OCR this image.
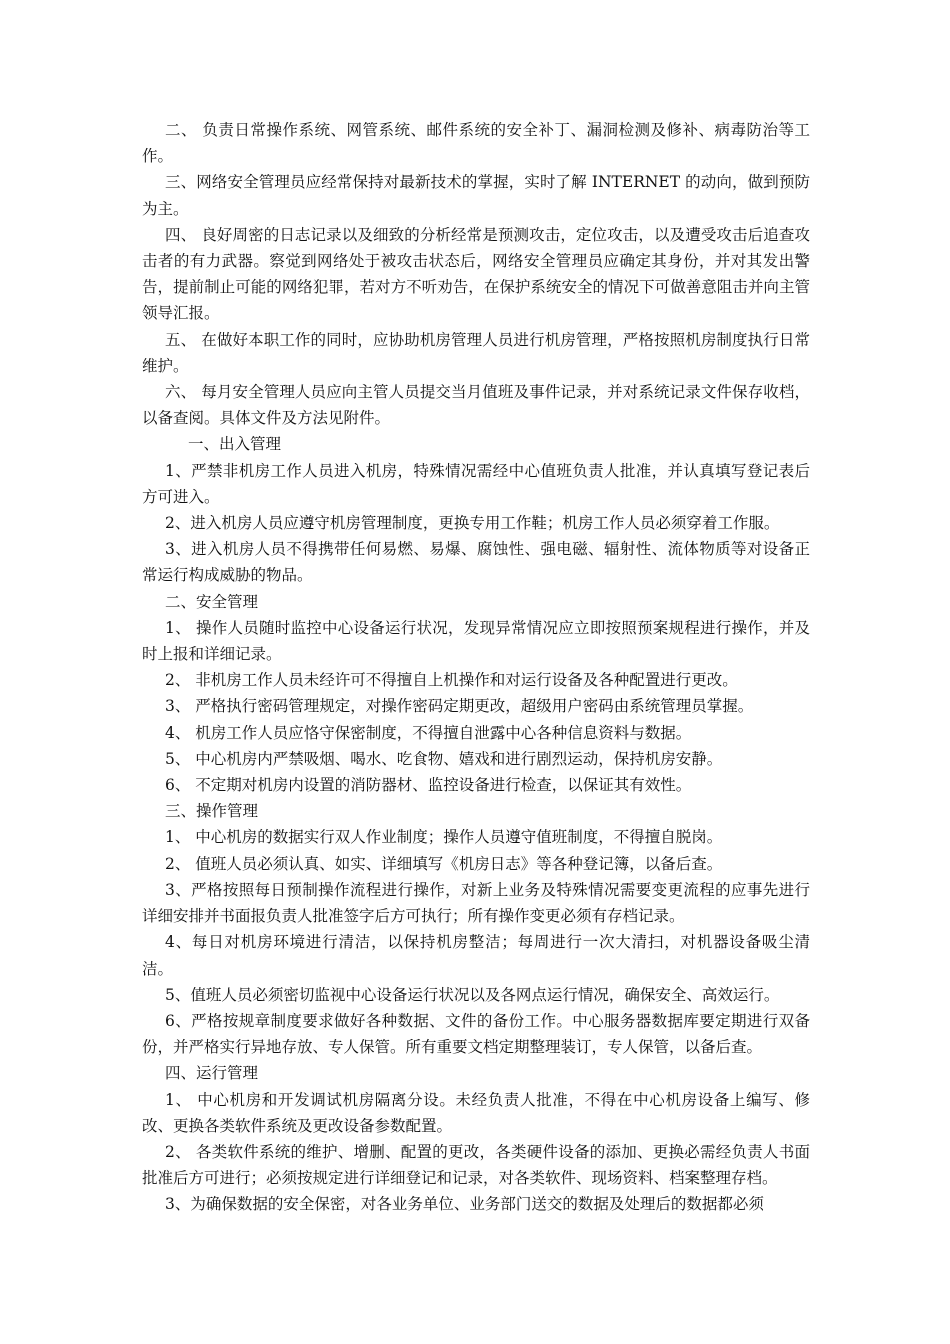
二、 负责日常操作系统、网管系统、邮件系统的安全补丁、漏洞检测及修补、病毒防治等工作。

三、网络安全管理员应经常保持对最新技术的掌握，实时了解 INTERNET 的动向，做到预防为主。

四、 良好周密的日志记录以及细致的分析经常是预测攻击，定位攻击，以及遭受攻击后追查攻击者的有力武器。察觉到网络处于被攻击状态后，网络安全管理员应确定其身份，并对其发出警告，提前制止可能的网络犯罪，若对方不听劝告，在保护系统安全的情况下可做善意阻击并向主管领导汇报。

五、 在做好本职工作的同时，应协助机房管理人员进行机房管理，严格按照机房制度执行日常维护。

六、 每月安全管理人员应向主管人员提交当月值班及事件记录，并对系统记录文件保存收档，以备查阅。具体文件及方法见附件。

一、出入管理

1、严禁非机房工作人员进入机房，特殊情况需经中心值班负责人批准，并认真填写登记表后方可进入。

2、进入机房人员应遵守机房管理制度，更换专用工作鞋；机房工作人员必须穿着工作服。

3、进入机房人员不得携带任何易燃、易爆、腐蚀性、强电磁、辐射性、流体物质等对设备正常运行构成威胁的物品。

二、安全管理

1、 操作人员随时监控中心设备运行状况，发现异常情况应立即按照预案规程进行操作，并及时上报和详细记录。

2、 非机房工作人员未经许可不得擅自上机操作和对运行设备及各种配置进行更改。

3、 严格执行密码管理规定，对操作密码定期更改，超级用户密码由系统管理员掌握。

4、 机房工作人员应恪守保密制度，不得擅自泄露中心各种信息资料与数据。

5、 中心机房内严禁吸烟、喝水、吃食物、嬉戏和进行剧烈运动，保持机房安静。

6、 不定期对机房内设置的消防器材、监控设备进行检查，以保证其有效性。

三、操作管理

1、 中心机房的数据实行双人作业制度；操作人员遵守值班制度，不得擅自脱岗。

2、 值班人员必须认真、如实、详细填写《机房日志》等各种登记簿，以备后查。

3、严格按照每日预制操作流程进行操作，对新上业务及特殊情况需要变更流程的应事先进行详细安排并书面报负责人批准签字后方可执行；所有操作变更必须有存档记录。

4、每日对机房环境进行清洁，以保持机房整洁；每周进行一次大清扫，对机器设备吸尘清洁。

5、值班人员必须密切监视中心设备运行状况以及各网点运行情况，确保安全、高效运行。

6、严格按规章制度要求做好各种数据、文件的备份工作。中心服务器数据库要定期进行双备份，并严格实行异地存放、专人保管。所有重要文档定期整理装订，专人保管，以备后查。

四、运行管理

1、 中心机房和开发调试机房隔离分设。未经负责人批准，不得在中心机房设备上编写、修改、更换各类软件系统及更改设备参数配置。

2、 各类软件系统的维护、增删、配置的更改，各类硬件设备的添加、更换必需经负责人书面批准后方可进行；必须按规定进行详细登记和记录，对各类软件、现场资料、档案整理存档。

3、为确保数据的安全保密，对各业务单位、业务部门送交的数据及处理后的数据都必须
